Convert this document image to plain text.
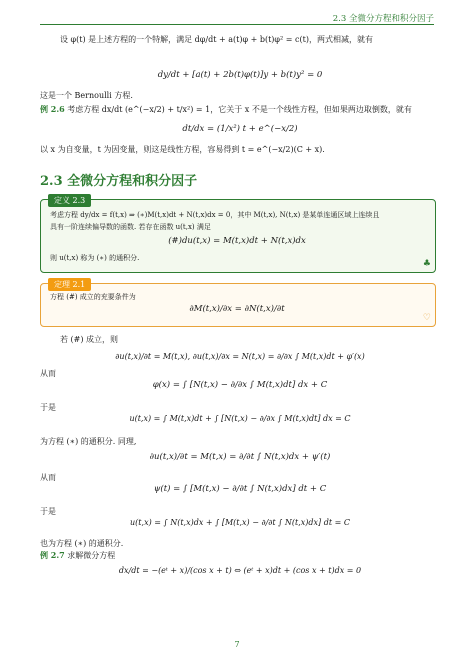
2.3 全微分方程和积分因子
设 φ(t) 是上述方程的一个特解，满足 dφ/dt + a(t)φ + b(t)φ² = c(t)，两式相减，就有
dy/dt + [a(t) + 2b(t)φ(t)]y + b(t)y² = 0
这是一个 Bernoulli 方程.
例 2.6 考虑方程 dx/dt (e^(−x/2) + t/x²) = 1，它关于 x 不是一个线性方程，但如果两边取倒数，就有
dt/dx = (1/x²) t + e^(−x/2)
以 x 为自变量，t 为因变量，则这是线性方程，容易得到 t = e^(−x/2)(C + x).
2.3 全微分方程和积分因子
定义 2.3
考虑方程 dy/dx = f(t,x) ⇒ (∗)M(t,x)dt + N(t,x)dx = 0，其中 M(t,x), N(t,x) 是某单连通区域上连续且
具有一阶连续偏导数的函数. 若存在函数 u(t,x) 满足
(#)du(t,x) = M(t,x)dt + N(t,x)dx
则 u(t,x) 称为 (∗) 的通积分.
♣
定理 2.1
方程 (#) 成立的充要条件为
∂M(t,x)/∂x = ∂N(t,x)/∂t
♡
若 (#) 成立，则
∂u(t,x)/∂t = M(t,x), ∂u(t,x)/∂x = N(t,x) = ∂/∂x ∫ M(t,x)dt + φ′(x)
从而
φ(x) = ∫ [N(t,x) − ∂/∂x ∫ M(t,x)dt] dx + C
于是
u(t,x) = ∫ M(t,x)dt + ∫ [N(t,x) − ∂/∂x ∫ M(t,x)dt] dx = C
为方程 (∗) 的通积分. 同理,
∂u(t,x)/∂t = M(t,x) = ∂/∂t ∫ N(t,x)dx + ψ′(t)
从而
ψ(t) = ∫ [M(t,x) − ∂/∂t ∫ N(t,x)dx] dt + C
于是
u(t,x) = ∫ N(t,x)dx + ∫ [M(t,x) − ∂/∂t ∫ N(t,x)dx] dt = C
也为方程 (∗) 的通积分.
例 2.7 求解微分方程
dx/dt = −(eᵗ + x)/(cos x + t) ⇔ (eᵗ + x)dt + (cos x + t)dx = 0
7
